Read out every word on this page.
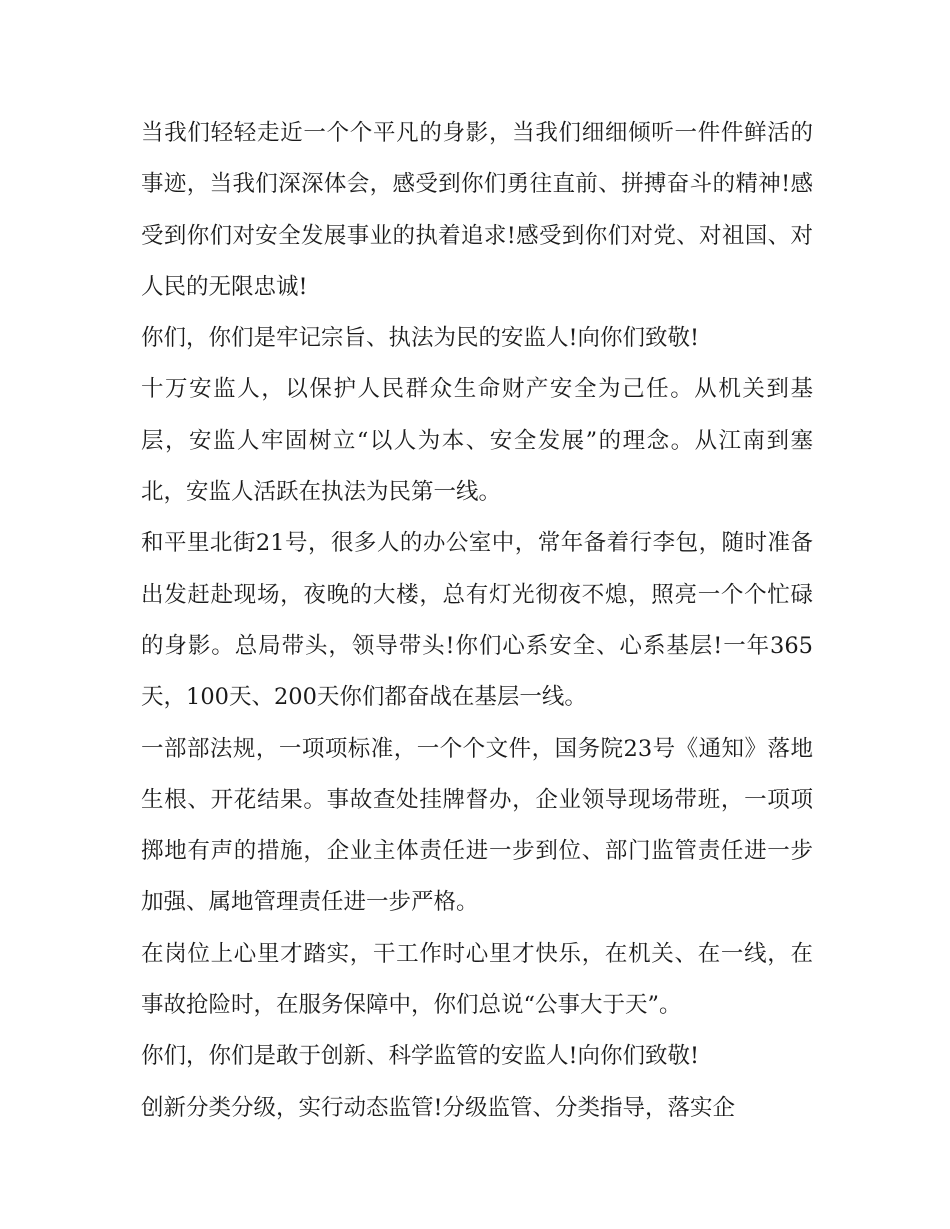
当我们轻轻走近一个个平凡的身影，当我们细细倾听一件件鲜活的事迹，当我们深深体会，感受到你们勇往直前、拼搏奋斗的精神!感受到你们对安全发展事业的执着追求!感受到你们对党、对祖国、对人民的无限忠诚!

你们，你们是牢记宗旨、执法为民的安监人!向你们致敬!

十万安监人，以保护人民群众生命财产安全为己任。从机关到基层，安监人牢固树立“以人为本、安全发展”的理念。从江南到塞北，安监人活跃在执法为民第一线。

和平里北街21号，很多人的办公室中，常年备着行李包，随时准备出发赶赴现场，夜晚的大楼，总有灯光彻夜不熄，照亮一个个忙碌的身影。总局带头，领导带头!你们心系安全、心系基层!一年365天，100天、200天你们都奋战在基层一线。

一部部法规，一项项标准，一个个文件，国务院23号《通知》落地生根、开花结果。事故查处挂牌督办，企业领导现场带班，一项项掷地有声的措施，企业主体责任进一步到位、部门监管责任进一步加强、属地管理责任进一步严格。

在岗位上心里才踏实，干工作时心里才快乐，在机关、在一线，在事故抢险时，在服务保障中，你们总说“公事大于天”。

你们，你们是敢于创新、科学监管的安监人!向你们致敬!

创新分类分级，实行动态监管!分级监管、分类指导，落实企
